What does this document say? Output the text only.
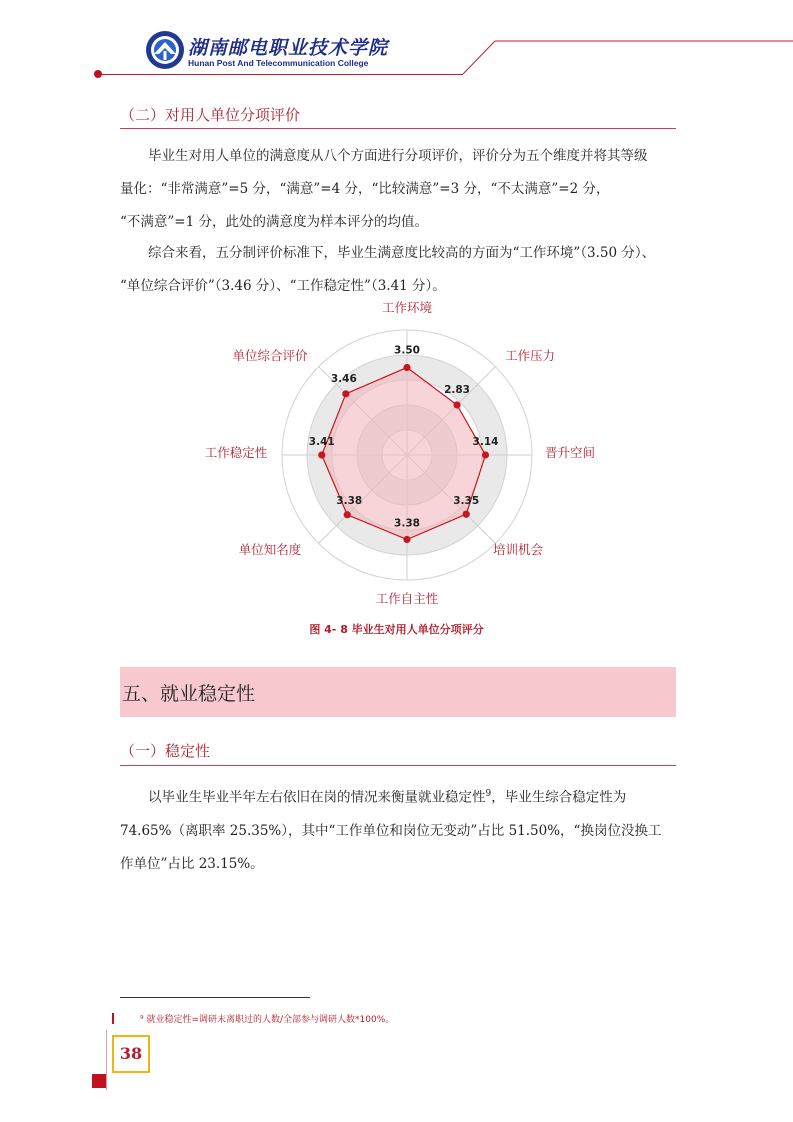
湖南邮电职业技术学院
Hunan Post And Telecommunication College
（二）对用人单位分项评价
毕业生对用人单位的满意度从八个方面进行分项评价，评价分为五个维度并将其等级
量化：“非常满意”=5 分，“满意”=4 分，“比较满意”=3 分，“不太满意”=2 分，
“不满意”=1 分，此处的满意度为样本评分的均值。
综合来看，五分制评价标准下，毕业生满意度比较高的方面为“工作环境”（3.50 分）、
“单位综合评价”（3.46 分）、“工作稳定性”（3.41 分）。
3.50
2.83
3.14
3.35
3.38
3.38
3.41
3.46
工作环境
工作压力
晋升空间
培训机会
工作自主性
单位知名度
工作稳定性
单位综合评价
图 4- 8 毕业生对用人单位分项评分
五、就业稳定性
（一）稳定性
以毕业生毕业半年左右依旧在岗的情况来衡量就业稳定性$^9$，毕业生综合稳定性为
74.65%（离职率 25.35%），其中“工作单位和岗位无变动”占比 51.50%，“换岗位没换工
作单位”占比 23.15%。
⁹ 就业稳定性=调研未离职过的人数/全部参与调研人数*100%。
38
